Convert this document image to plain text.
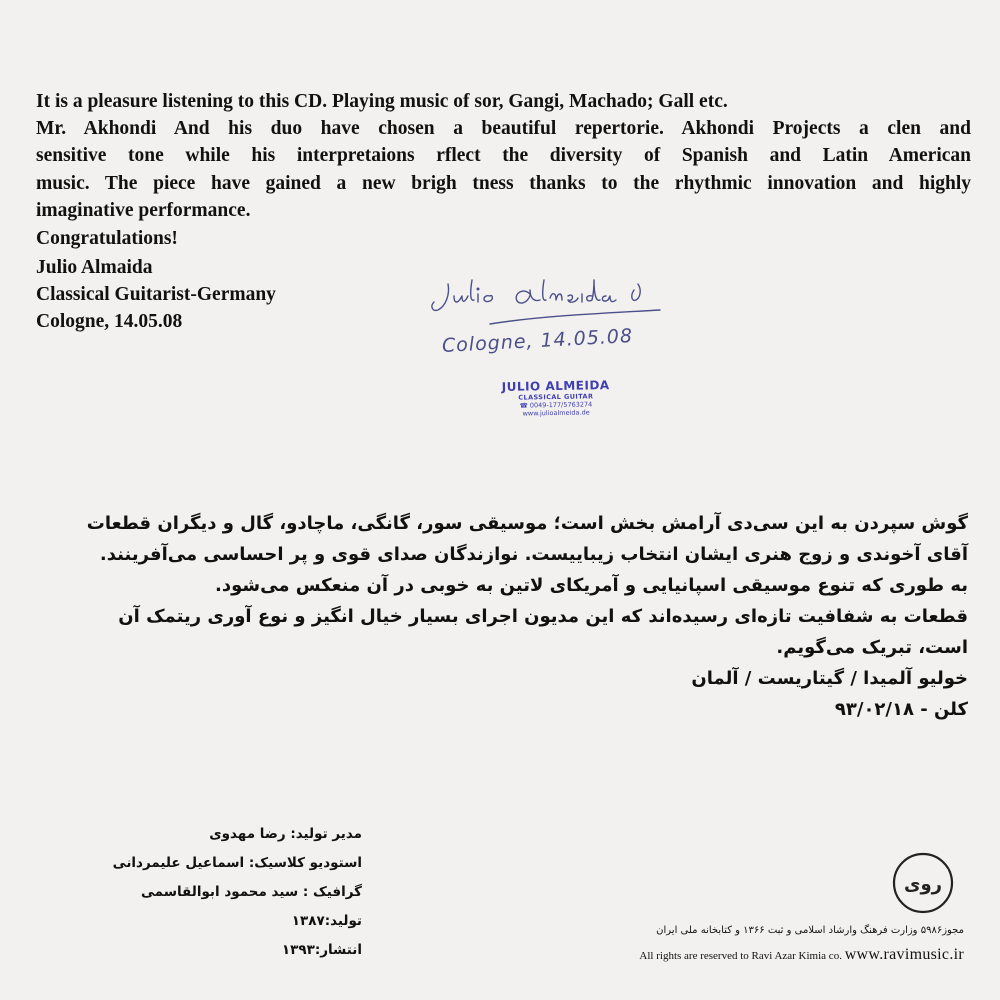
It is a pleasure listening to this CD. Playing music of sor, Gangi, Machado; Gall etc.
Mr. Akhondi And his duo have chosen a beautiful repertorie. Akhondi Projects a clen and
sensitive tone while his interpretaions rflect the diversity of Spanish and Latin American
music. The piece have gained a new brigh tness thanks to the rhythmic innovation and highly
imaginative performance.
Congratulations!
Julio Almaida
Classical Guitarist-Germany
Cologne, 14.05.08
Cologne, 14.05.08
JULIO ALMEIDA
CLASSICAL GUITAR
☎ 0049-177/5763274
www.julioalmeida.de
گوش سپردن به این سی‌دی آرامش بخش است؛ موسیقی سور، گانگی، ماچادو، گال و دیگران قطعات
آقای آخوندی و زوج هنری ایشان انتخاب زیباییست. نوازندگان صدای قوی و پر احساسی می‌آفرینند.
به طوری که تنوع موسیقی اسپانیایی و آمریکای لاتین به خوبی در آن منعکس می‌شود.
قطعات به شفافیت تازه‌ای رسیده‌اند که این مدیون اجرای بسیار خیال انگیز و نوع آوری ریتمک آن
است، تبریک می‌گویم.
خولیو آلمیدا / گیتاریست / آلمان
کلن - ۹۳/۰۲/۱۸
مدیر تولید: رضا مهدوی
استودیو کلاسیک: اسماعیل علیمردانی
گرافیک : سید محمود ابوالقاسمی
تولید:۱۳۸۷
انتشار:۱۳۹۳
روی
مجوز۵۹۸۶ وزارت فرهنگ وارشاد اسلامی و ثبت ۱۳۶۶ و کتابخانه ملی ایران
All rights are reserved to Ravi Azar Kimia co. www.ravimusic.ir
